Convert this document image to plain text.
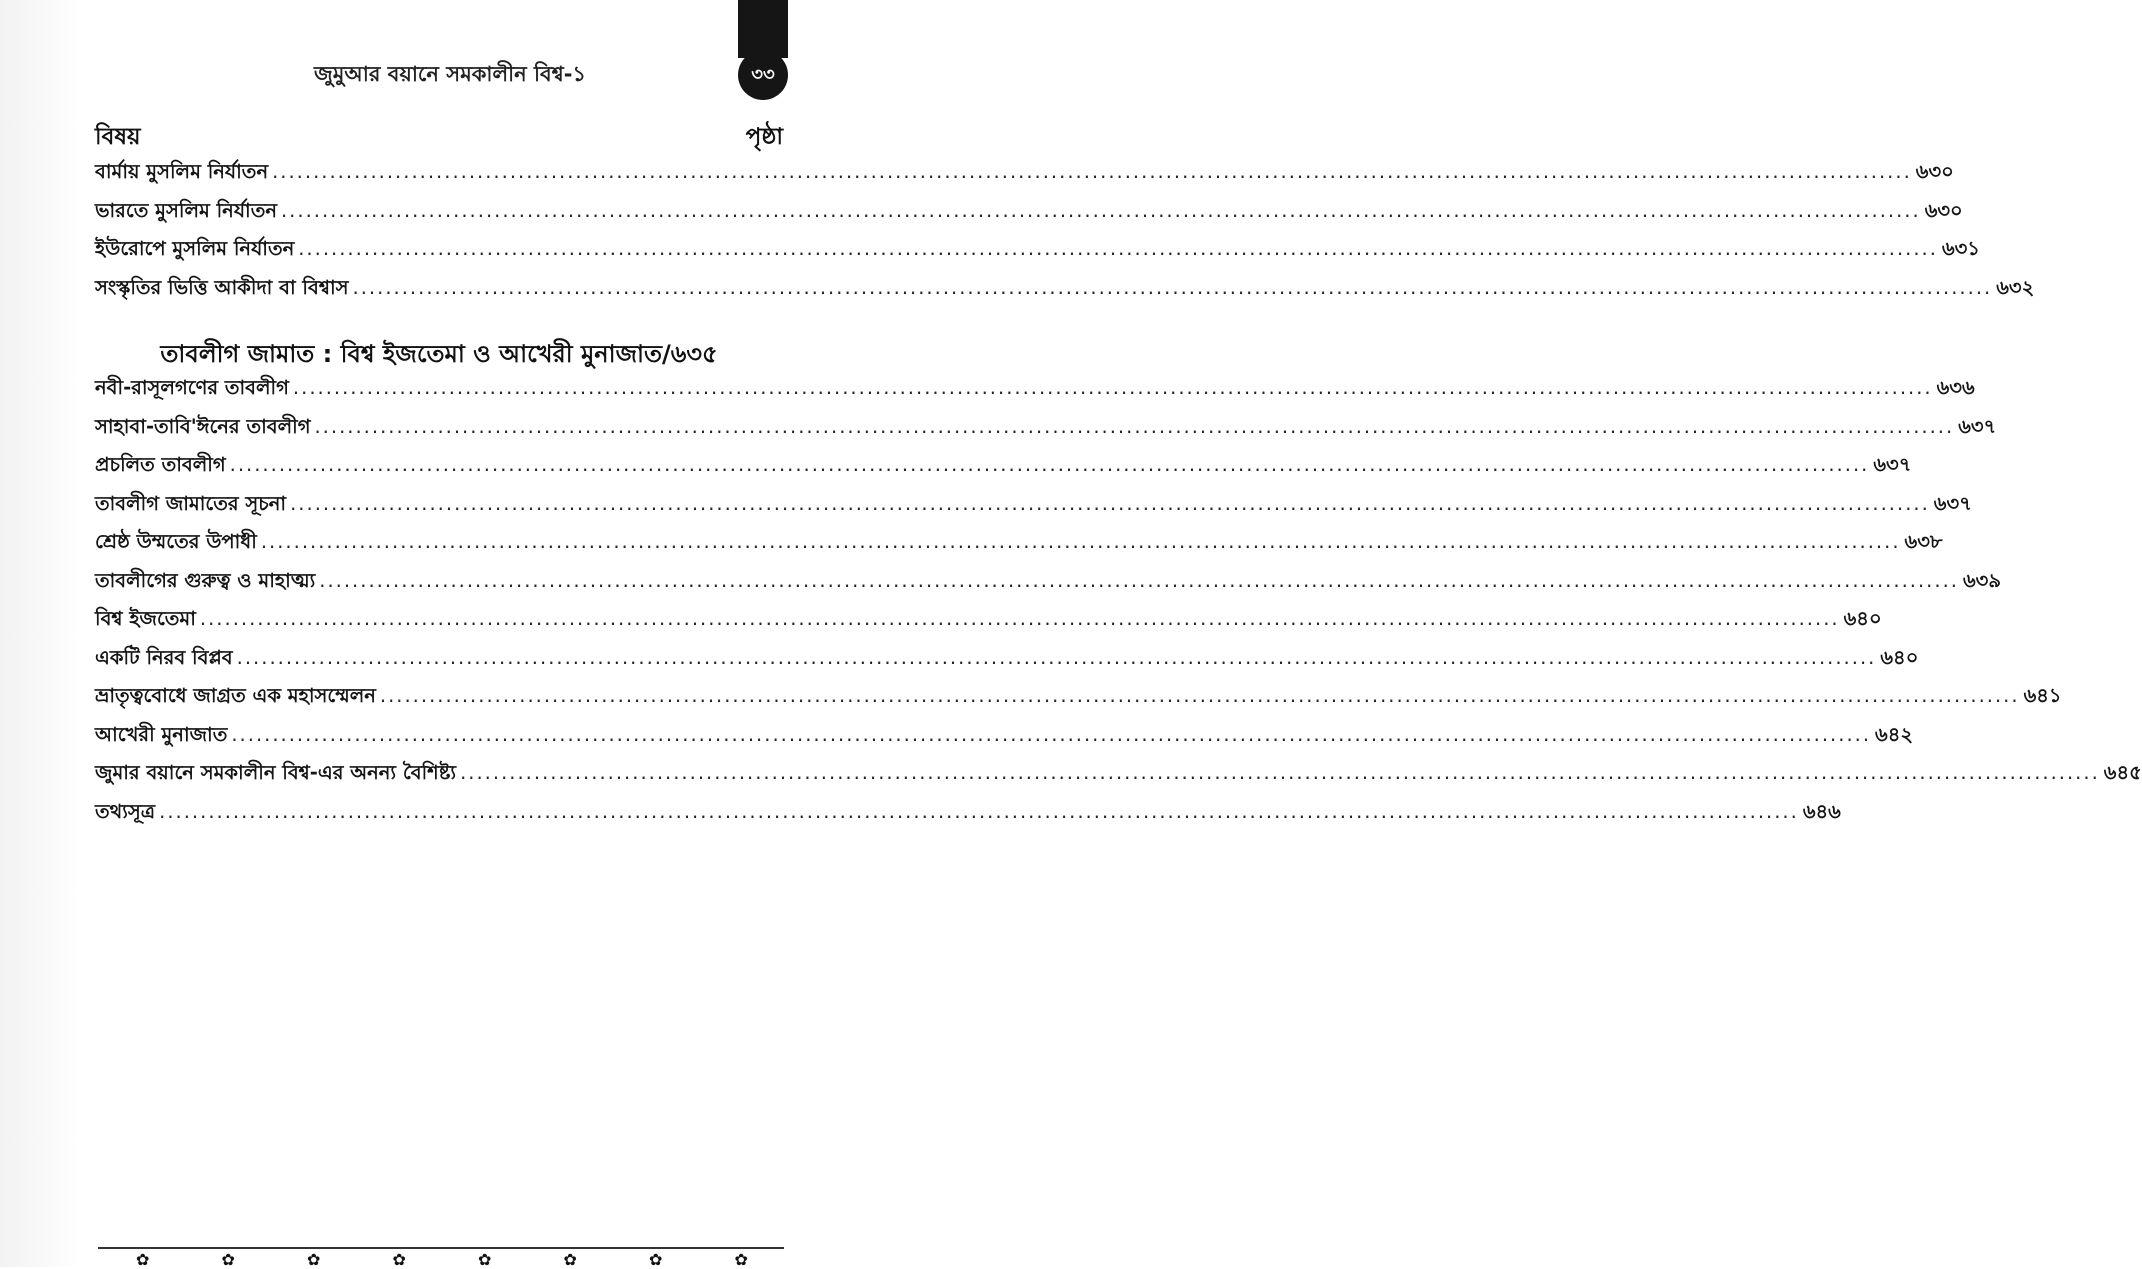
জুমুআর বয়ানে সমকালীন বিশ্ব-১	৩৩
বিষয়	পৃষ্ঠা
বার্মায় মুসলিম নির্যাতন ........................................................................................................................................................................................................ ৬৩০
ভারতে মুসলিম নির্যাতন ........................................................................................................................................................................................................ ৬৩০
ইউরোপে মুসলিম নির্যাতন ........................................................................................................................................................................................................ ৬৩১
সংস্কৃতির ভিত্তি আকীদা বা বিশ্বাস ........................................................................................................................................................................................................ ৬৩২
তাবলীগ জামাত : বিশ্ব ইজতেমা ও আখেরী মুনাজাত/৬৩৫
নবী-রাসূলগণের তাবলীগ ........................................................................................................................................................................................................ ৬৩৬
সাহাবা-তাবি'ঈনের তাবলীগ ........................................................................................................................................................................................................ ৬৩৭
প্রচলিত তাবলীগ ........................................................................................................................................................................................................ ৬৩৭
তাবলীগ জামাতের সূচনা ........................................................................................................................................................................................................ ৬৩৭
শ্রেষ্ঠ উম্মতের উপাধী ........................................................................................................................................................................................................ ৬৩৮
তাবলীগের গুরুত্ব ও মাহাত্ম্য ........................................................................................................................................................................................................ ৬৩৯
বিশ্ব ইজতেমা ........................................................................................................................................................................................................ ৬৪০
একটি নিরব বিপ্লব ........................................................................................................................................................................................................ ৬৪০
ভ্রাতৃত্ববোধে জাগ্রত এক মহাসম্মেলন ........................................................................................................................................................................................................ ৬৪১
আখেরী মুনাজাত ........................................................................................................................................................................................................ ৬৪২
জুমার বয়ানে সমকালীন বিশ্ব-এর অনন্য বৈশিষ্ট্য ........................................................................................................................................................................................................ ৬৪৫
তথ্যসূত্র ........................................................................................................................................................................................................ ৬৪৬
✿	✿	✿	✿	✿	✿	✿	✿
